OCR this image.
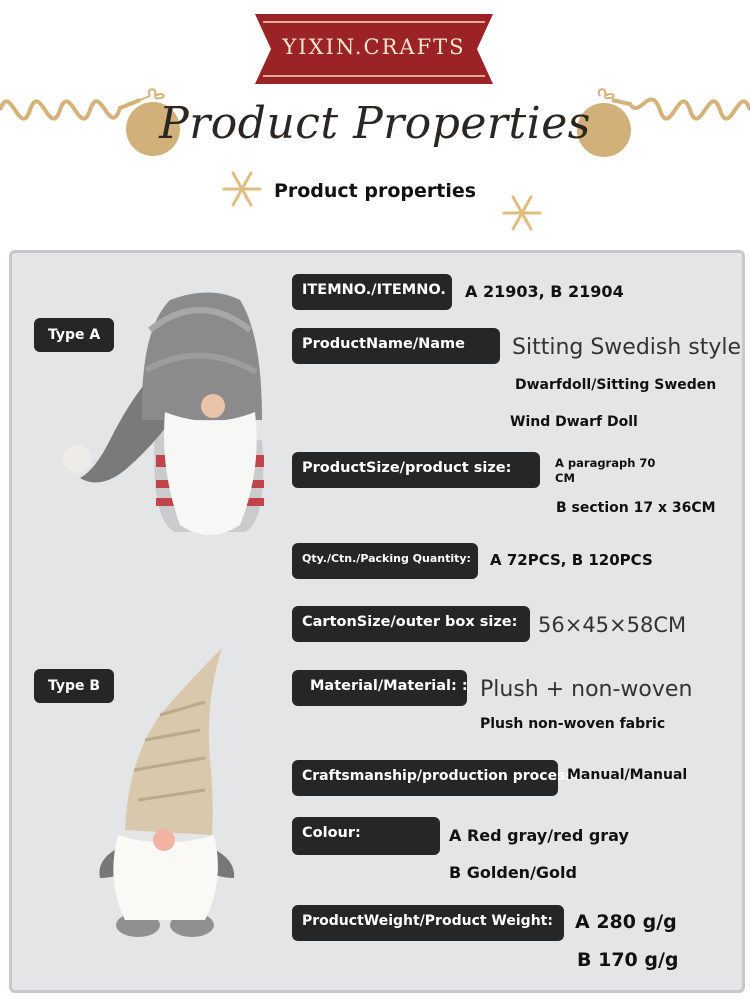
YIXIN.CRAFTS
Product Properties
Product properties
Type A
Type B
ITEMNO./ITEMNO.	A 21903, B 21904
ProductName/Name	Sitting Swedish style
Dwarfdoll/Sitting Sweden
Wind Dwarf Doll
ProductSize/product size:	A paragraph 70
CM
B section 17 x 36CM
Qty./Ctn./Packing Quantity:	A 72PCS, B 120PCS
CartonSize/outer box size: 56×45×58CM
Material/Material: : Plush + non-woven
Plush non-woven fabric
Craftsmanship/production process:
Manual/Manual
Colour:	A Red gray/red gray
B Golden/Gold
ProductWeight/Product Weight:	A 280 g/g
B 170 g/g
